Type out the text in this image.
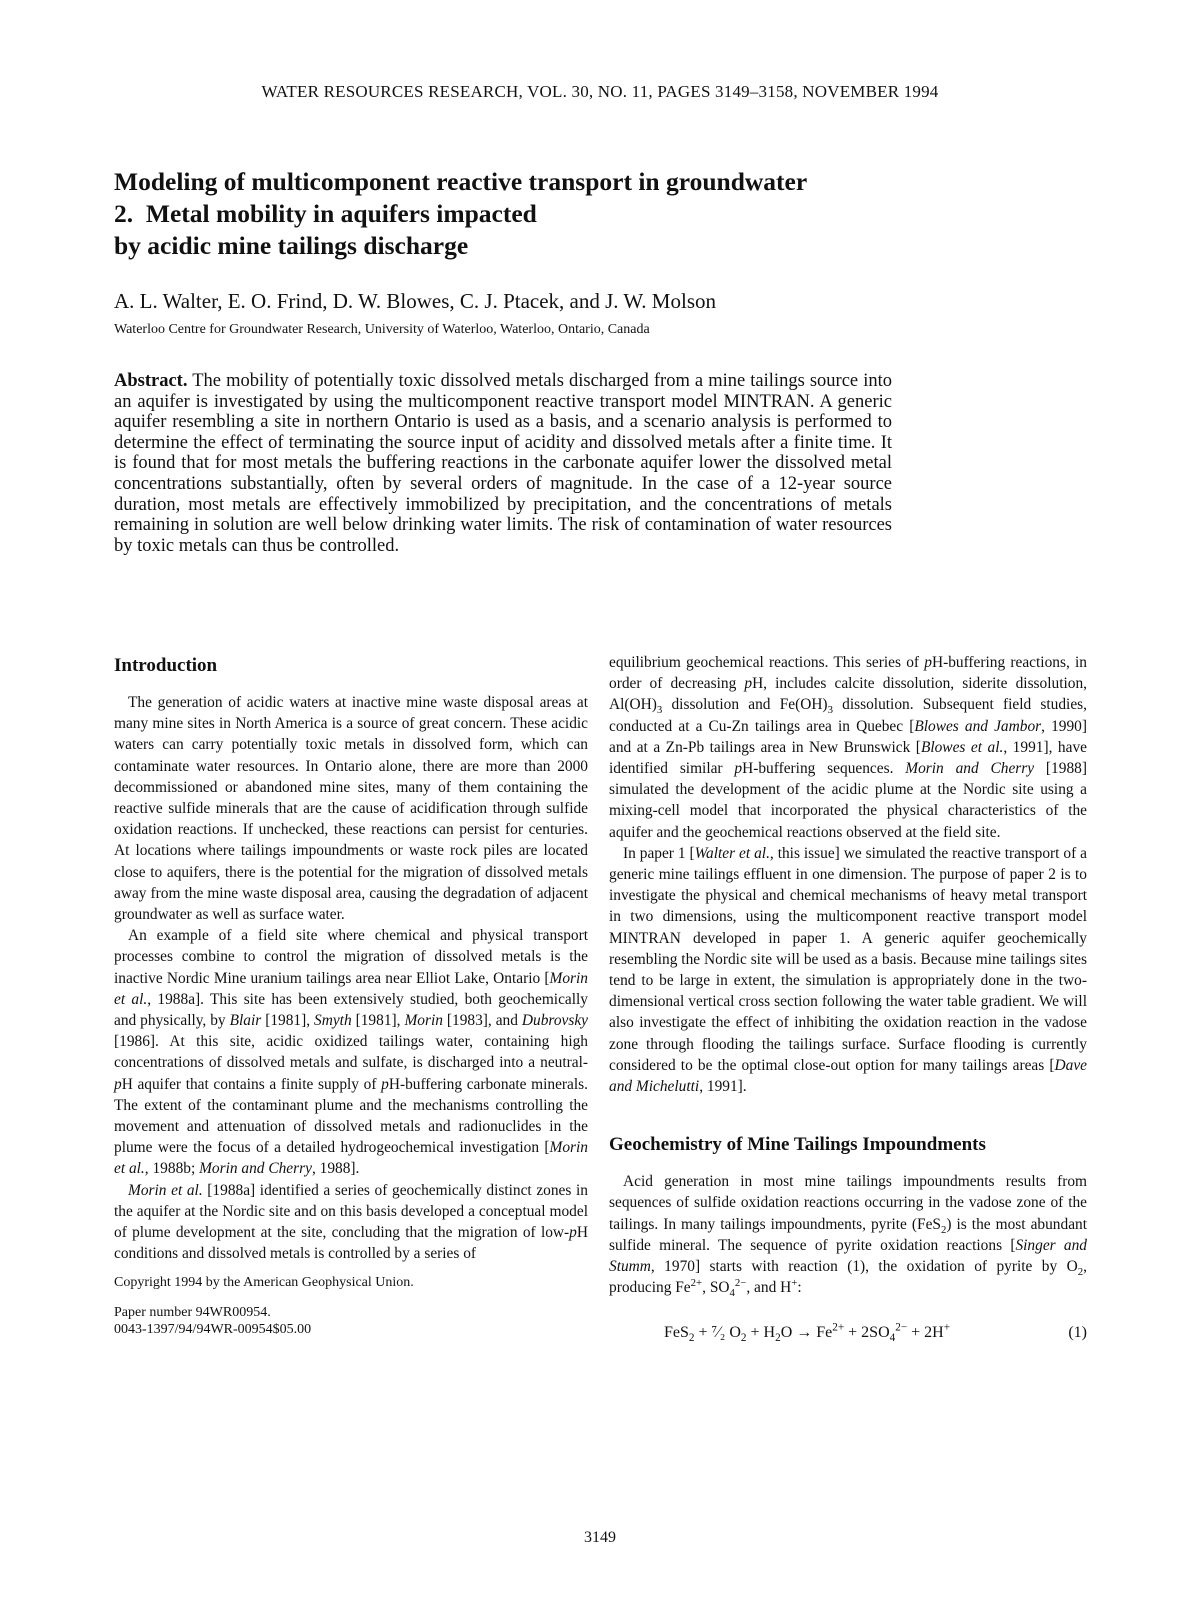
WATER RESOURCES RESEARCH, VOL. 30, NO. 11, PAGES 3149–3158, NOVEMBER 1994
Modeling of multicomponent reactive transport in groundwater
2.  Metal mobility in aquifers impacted
by acidic mine tailings discharge
A. L. Walter, E. O. Frind, D. W. Blowes, C. J. Ptacek, and J. W. Molson
Waterloo Centre for Groundwater Research, University of Waterloo, Waterloo, Ontario, Canada
Abstract. The mobility of potentially toxic dissolved metals discharged from a mine tailings source into an aquifer is investigated by using the multicomponent reactive transport model MINTRAN. A generic aquifer resembling a site in northern Ontario is used as a basis, and a scenario analysis is performed to determine the effect of terminating the source input of acidity and dissolved metals after a finite time. It is found that for most metals the buffering reactions in the carbonate aquifer lower the dissolved metal concentrations substantially, often by several orders of magnitude. In the case of a 12-year source duration, most metals are effectively immobilized by precipitation, and the concentrations of metals remaining in solution are well below drinking water limits. The risk of contamination of water resources by toxic metals can thus be controlled.
Introduction

The generation of acidic waters at inactive mine waste disposal areas at many mine sites in North America is a source of great concern. These acidic waters can carry potentially toxic metals in dissolved form, which can contaminate water resources. In Ontario alone, there are more than 2000 decommissioned or abandoned mine sites, many of them containing the reactive sulfide minerals that are the cause of acidification through sulfide oxidation reactions. If unchecked, these reactions can persist for centuries. At locations where tailings impoundments or waste rock piles are located close to aquifers, there is the potential for the migration of dissolved metals away from the mine waste disposal area, causing the degradation of adjacent groundwater as well as surface water.

An example of a field site where chemical and physical transport processes combine to control the migration of dissolved metals is the inactive Nordic Mine uranium tailings area near Elliot Lake, Ontario [Morin et al., 1988a]. This site has been extensively studied, both geochemically and physically, by Blair [1981], Smyth [1981], Morin [1983], and Dubrovsky [1986]. At this site, acidic oxidized tailings water, containing high concentrations of dissolved metals and sulfate, is discharged into a neutral-pH aquifer that contains a finite supply of pH-buffering carbonate minerals. The extent of the contaminant plume and the mechanisms controlling the movement and attenuation of dissolved metals and radionuclides in the plume were the focus of a detailed hydrogeochemical investigation [Morin et al., 1988b; Morin and Cherry, 1988].

Morin et al. [1988a] identified a series of geochemically distinct zones in the aquifer at the Nordic site and on this basis developed a conceptual model of plume development at the site, concluding that the migration of low-pH conditions and dissolved metals is controlled by a series of

Copyright 1994 by the American Geophysical Union.
Paper number 94WR00954.
0043-1397/94/94WR-00954$05.00

equilibrium geochemical reactions. This series of pH-buffering reactions, in order of decreasing pH, includes calcite dissolution, siderite dissolution, $Al(OH)_3$ dissolution and $Fe(OH)_3$ dissolution. Subsequent field studies, conducted at a Cu-Zn tailings area in Quebec [Blowes and Jambor, 1990] and at a Zn-Pb tailings area in New Brunswick [Blowes et al., 1991], have identified similar pH-buffering sequences. Morin and Cherry [1988] simulated the development of the acidic plume at the Nordic site using a mixing-cell model that incorporated the physical characteristics of the aquifer and the geochemical reactions observed at the field site.

In paper 1 [Walter et al., this issue] we simulated the reactive transport of a generic mine tailings effluent in one dimension. The purpose of paper 2 is to investigate the physical and chemical mechanisms of heavy metal transport in two dimensions, using the multicomponent reactive transport model MINTRAN developed in paper 1. A generic aquifer geochemically resembling the Nordic site will be used as a basis. Because mine tailings sites tend to be large in extent, the simulation is appropriately done in the two-dimensional vertical cross section following the water table gradient. We will also investigate the effect of inhibiting the oxidation reaction in the vadose zone through flooding the tailings surface. Surface flooding is currently considered to be the optimal close-out option for many tailings areas [Dave and Michelutti, 1991].

Geochemistry of Mine Tailings Impoundments

Acid generation in most mine tailings impoundments results from sequences of sulfide oxidation reactions occurring in the vadose zone of the tailings. In many tailings impoundments, pyrite (FeS$_2$) is the most abundant sulfide mineral. The sequence of pyrite oxidation reactions [Singer and Stumm, 1970] starts with reaction (1), the oxidation of pyrite by $O_2$, producing $Fe^{2+}$, $SO_4^{2-}$, and H+:

FeS$_2$ + ⁷⁄₂ $O_2 + H_2O \to Fe^{2+} + 2SO_4^{2-} + 2H^+$	(1)
3149
